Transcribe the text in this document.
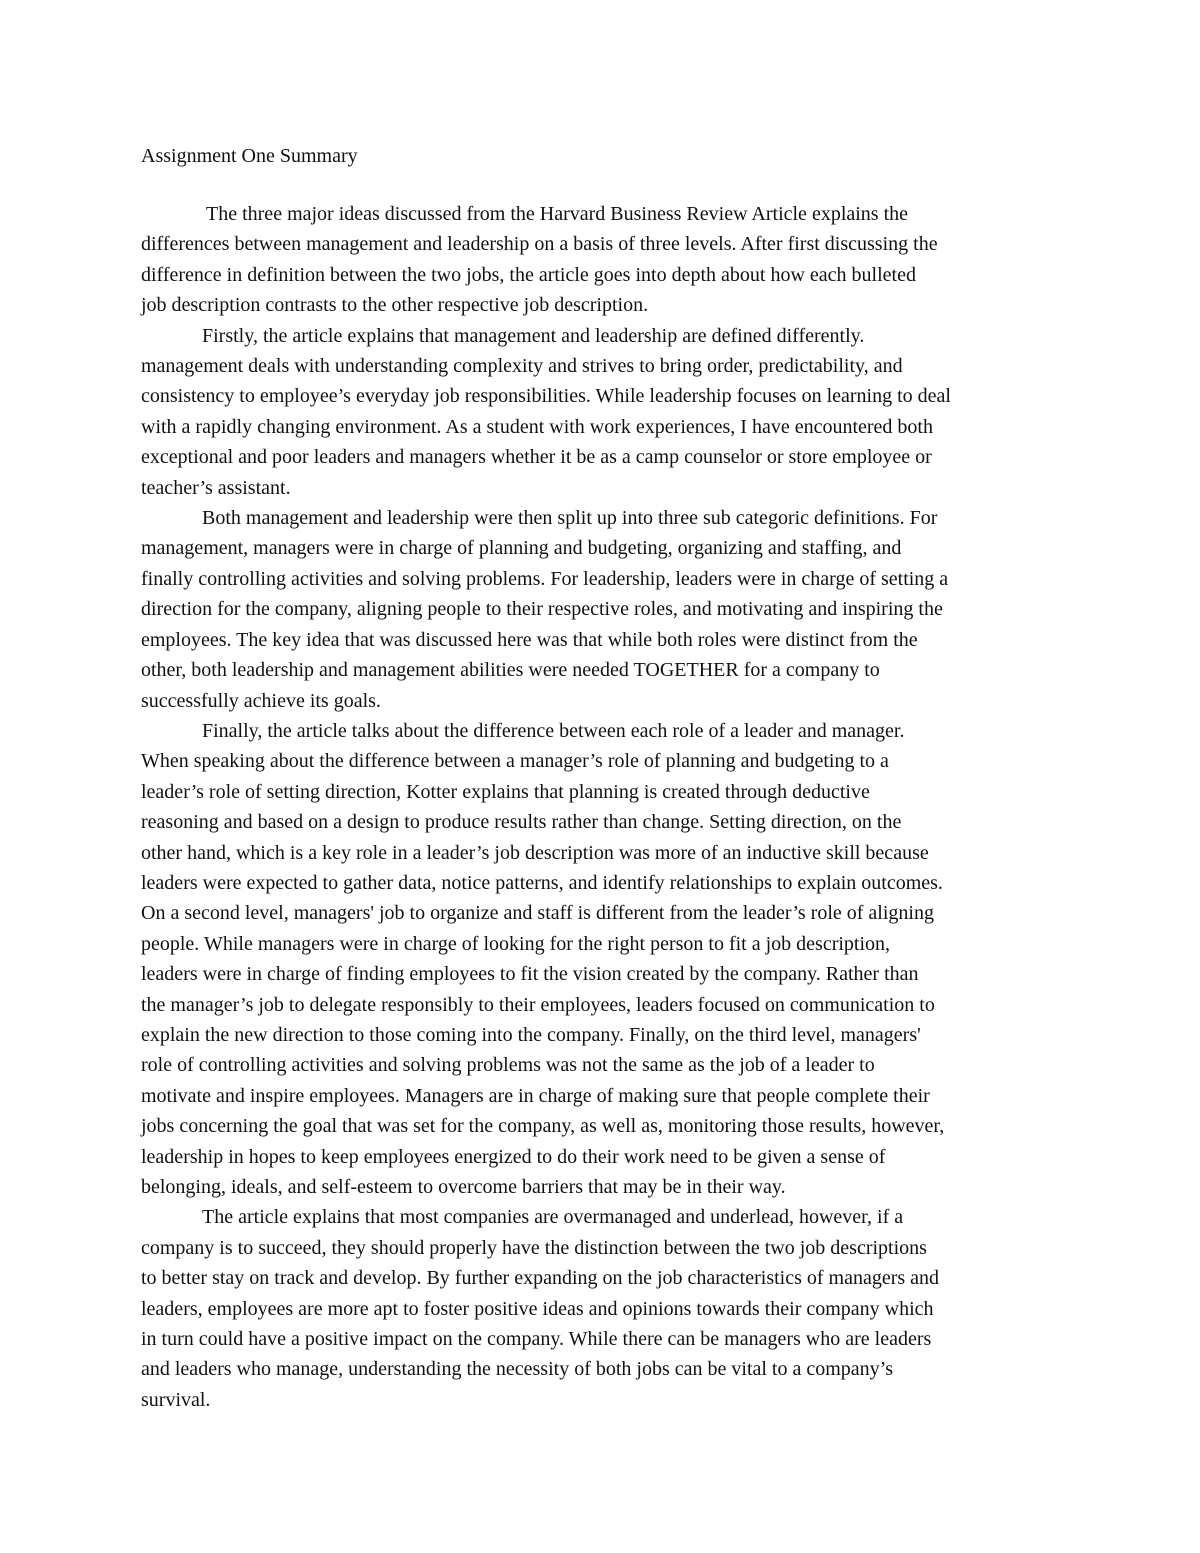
Assignment One Summary

The three major ideas discussed from the Harvard Business Review Article explains the
differences between management and leadership on a basis of three levels. After first discussing the
difference in definition between the two jobs, the article goes into depth about how each bulleted
job description contrasts to the other respective job description.

Firstly, the article explains that management and leadership are defined differently.
management deals with understanding complexity and strives to bring order, predictability, and
consistency to employee’s everyday job responsibilities. While leadership focuses on learning to deal
with a rapidly changing environment. As a student with work experiences, I have encountered both
exceptional and poor leaders and managers whether it be as a camp counselor or store employee or
teacher’s assistant.

Both management and leadership were then split up into three sub categoric definitions. For
management, managers were in charge of planning and budgeting, organizing and staffing, and
finally controlling activities and solving problems. For leadership, leaders were in charge of setting a
direction for the company, aligning people to their respective roles, and motivating and inspiring the
employees. The key idea that was discussed here was that while both roles were distinct from the
other, both leadership and management abilities were needed TOGETHER for a company to
successfully achieve its goals.

Finally, the article talks about the difference between each role of a leader and manager.
When speaking about the difference between a manager’s role of planning and budgeting to a
leader’s role of setting direction, Kotter explains that planning is created through deductive
reasoning and based on a design to produce results rather than change. Setting direction, on the
other hand, which is a key role in a leader’s job description was more of an inductive skill because
leaders were expected to gather data, notice patterns, and identify relationships to explain outcomes.
On a second level, managers' job to organize and staff is different from the leader’s role of aligning
people. While managers were in charge of looking for the right person to fit a job description,
leaders were in charge of finding employees to fit the vision created by the company. Rather than
the manager’s job to delegate responsibly to their employees, leaders focused on communication to
explain the new direction to those coming into the company. Finally, on the third level, managers'
role of controlling activities and solving problems was not the same as the job of a leader to
motivate and inspire employees. Managers are in charge of making sure that people complete their
jobs concerning the goal that was set for the company, as well as, monitoring those results, however,
leadership in hopes to keep employees energized to do their work need to be given a sense of
belonging, ideals, and self-esteem to overcome barriers that may be in their way.

The article explains that most companies are overmanaged and underlead, however, if a
company is to succeed, they should properly have the distinction between the two job descriptions
to better stay on track and develop. By further expanding on the job characteristics of managers and
leaders, employees are more apt to foster positive ideas and opinions towards their company which
in turn could have a positive impact on the company. While there can be managers who are leaders
and leaders who manage, understanding the necessity of both jobs can be vital to a company’s
survival.
